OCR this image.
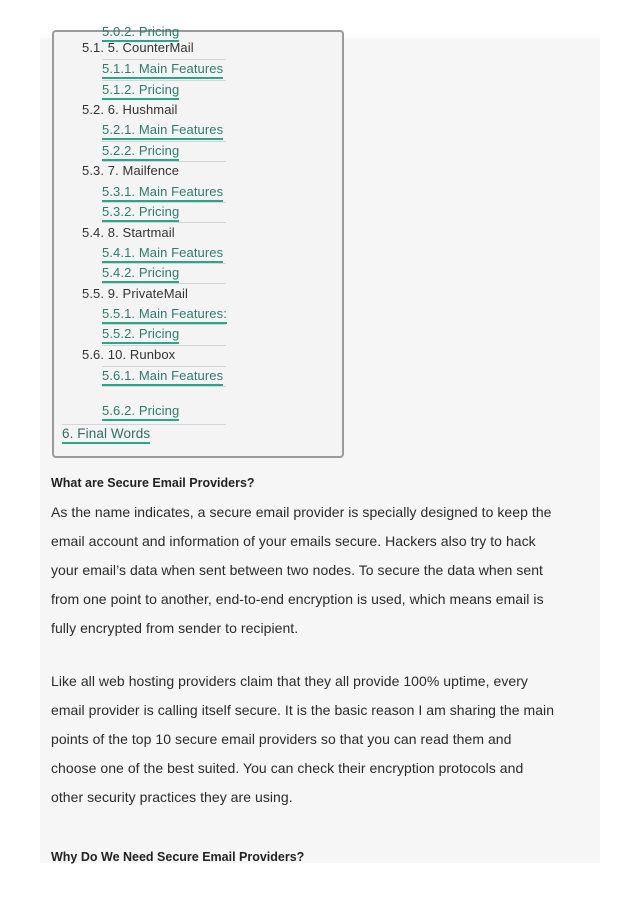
5.0.2. Pricing
5.1. 5. CounterMail
5.1.1. Main Features
5.1.2. Pricing
5.2. 6. Hushmail
5.2.1. Main Features
5.2.2. Pricing
5.3. 7. Mailfence
5.3.1. Main Features
5.3.2. Pricing
5.4. 8. Startmail
5.4.1. Main Features
5.4.2. Pricing
5.5. 9. PrivateMail
5.5.1. Main Features:
5.5.2. Pricing
5.6. 10. Runbox
5.6.1. Main Features
5.6.2. Pricing
6. Final Words
What are Secure Email Providers?

As the name indicates, a secure email provider is specially designed to keep the
email account and information of your emails secure. Hackers also try to hack
your email’s data when sent between two nodes. To secure the data when sent
from one point to another, end-to-end encryption is used, which means email is
fully encrypted from sender to recipient.

Like all web hosting providers claim that they all provide 100% uptime, every
email provider is calling itself secure. It is the basic reason I am sharing the main
points of the top 10 secure email providers so that you can read them and
choose one of the best suited. You can check their encryption protocols and
other security practices they are using.

Why Do We Need Secure Email Providers?
